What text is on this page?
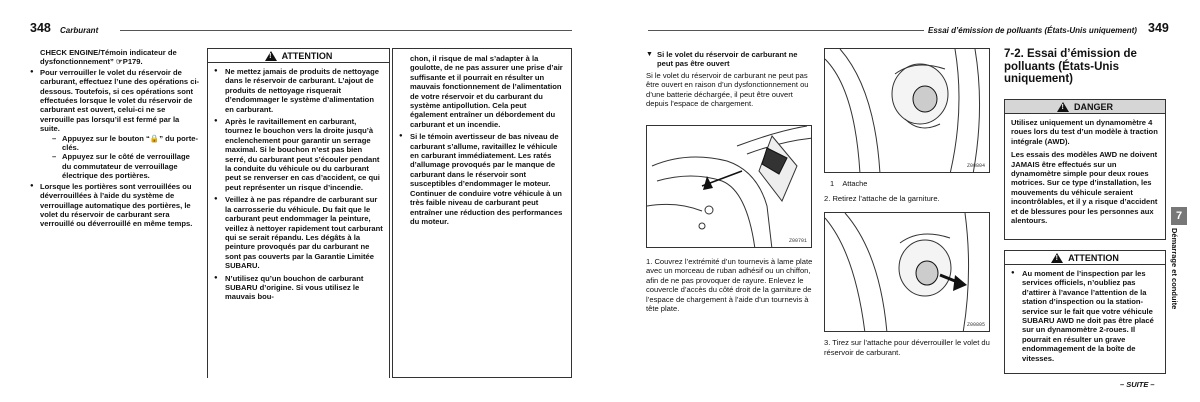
348 Carburant

CHECK ENGINE/Témoin indicateur de dysfonctionnement” ☞P179.

● Pour verrouiller le volet du réservoir de carburant, effectuez l’une des opérations ci-dessous. Toutefois, si ces opérations sont effectuées lorsque le volet du réservoir de carburant est ouvert, celui-ci ne se verrouille pas lorsqu’il est fermé par la suite.
– Appuyez sur le bouton “🔒” du porte-clés.
– Appuyez sur le côté de verrouillage du commutateur de verrouillage électrique des portières.
● Lorsque les portières sont verrouillées ou déverrouillées à l’aide du système de verrouillage automatique des portières, le volet du réservoir de carburant sera verrouillé ou déverrouillé en même temps.
!
ATTENTION
● Ne mettez jamais de produits de nettoyage dans le réservoir de carburant. L’ajout de produits de nettoyage risquerait d’endommager le système d’alimentation en carburant.
● Après le ravitaillement en carburant, tournez le bouchon vers la droite jusqu’à enclenchement pour garantir un serrage maximal. Si le bouchon n’est pas bien serré, du carburant peut s’écouler pendant la conduite du véhicule ou du carburant peut se renverser en cas d’accident, ce qui peut représenter un risque d’incendie.
● Veillez à ne pas répandre de carburant sur la carrosserie du véhicule. Du fait que le carburant peut endommager la peinture, veillez à nettoyer rapidement tout carburant qui se serait répandu. Les dégâts à la peinture provoqués par du carburant ne sont pas couverts par la Garantie Limitée SUBARU.
● N’utilisez qu’un bouchon de carburant SUBARU d’origine. Si vous utilisez le mauvais bou-
chon, il risque de mal s’adapter à la goulotte, de ne pas assurer une prise d’air suffisante et il pourrait en résulter un mauvais fonctionnement de l’alimentation de votre réservoir et du carburant du système antipollution. Cela peut également entraîner un débordement du carburant et un incendie.
● Si le témoin avertisseur de bas niveau de carburant s’allume, ravitaillez le véhicule en carburant immédiatement. Les ratés d’allumage provoqués par le manque de carburant dans le réservoir sont susceptibles d’endommager le moteur. Continuer de conduire votre véhicule à un très faible niveau de carburant peut entraîner une réduction des performances du moteur.
Essai d’émission de polluants (États-Unis uniquement) 349

▼ Si le volet du réservoir de carburant ne peut pas être ouvert

Si le volet du réservoir de carburant ne peut pas être ouvert en raison d’un dysfonctionnement ou d’une batterie déchargée, il peut être ouvert depuis l’espace de chargement.

Z00701
1. Couvrez l’extrémité d’un tournevis à lame plate avec un morceau de ruban adhésif ou un chiffon, afin de ne pas provoquer de rayure. Enlevez le couvercle d’accès du côté droit de la garniture de l’espace de chargement à l’aide d’un tournevis à tête plate.
Z00804
1 Attache
2. Retirez l’attache de la garniture.
Z00805
3. Tirez sur l’attache pour déverrouiller le volet du réservoir de carburant.
7-2. Essai d’émission de polluants (États-Unis uniquement)
!
DANGER

Utilisez uniquement un dynamomètre 4 roues lors du test d’un modèle à traction intégrale (AWD).

Les essais des modèles AWD ne doivent JAMAIS être effectués sur un dynamomètre simple pour deux roues motrices. Sur ce type d’installation, les mouvements du véhicule seraient incontrôlables, et il y a risque d’accident et de blessures pour les personnes aux alentours.

!
ATTENTION
● Au moment de l’inspection par les services officiels, n’oubliez pas d’attirer à l’avance l’attention de la station d’inspection ou la station-service sur le fait que votre véhicule SUBARU AWD ne doit pas être placé sur un dynamomètre 2-roues. Il pourrait en résulter un grave endommagement de la boîte de vitesses.
– SUITE –
7
Démarrage et conduite
